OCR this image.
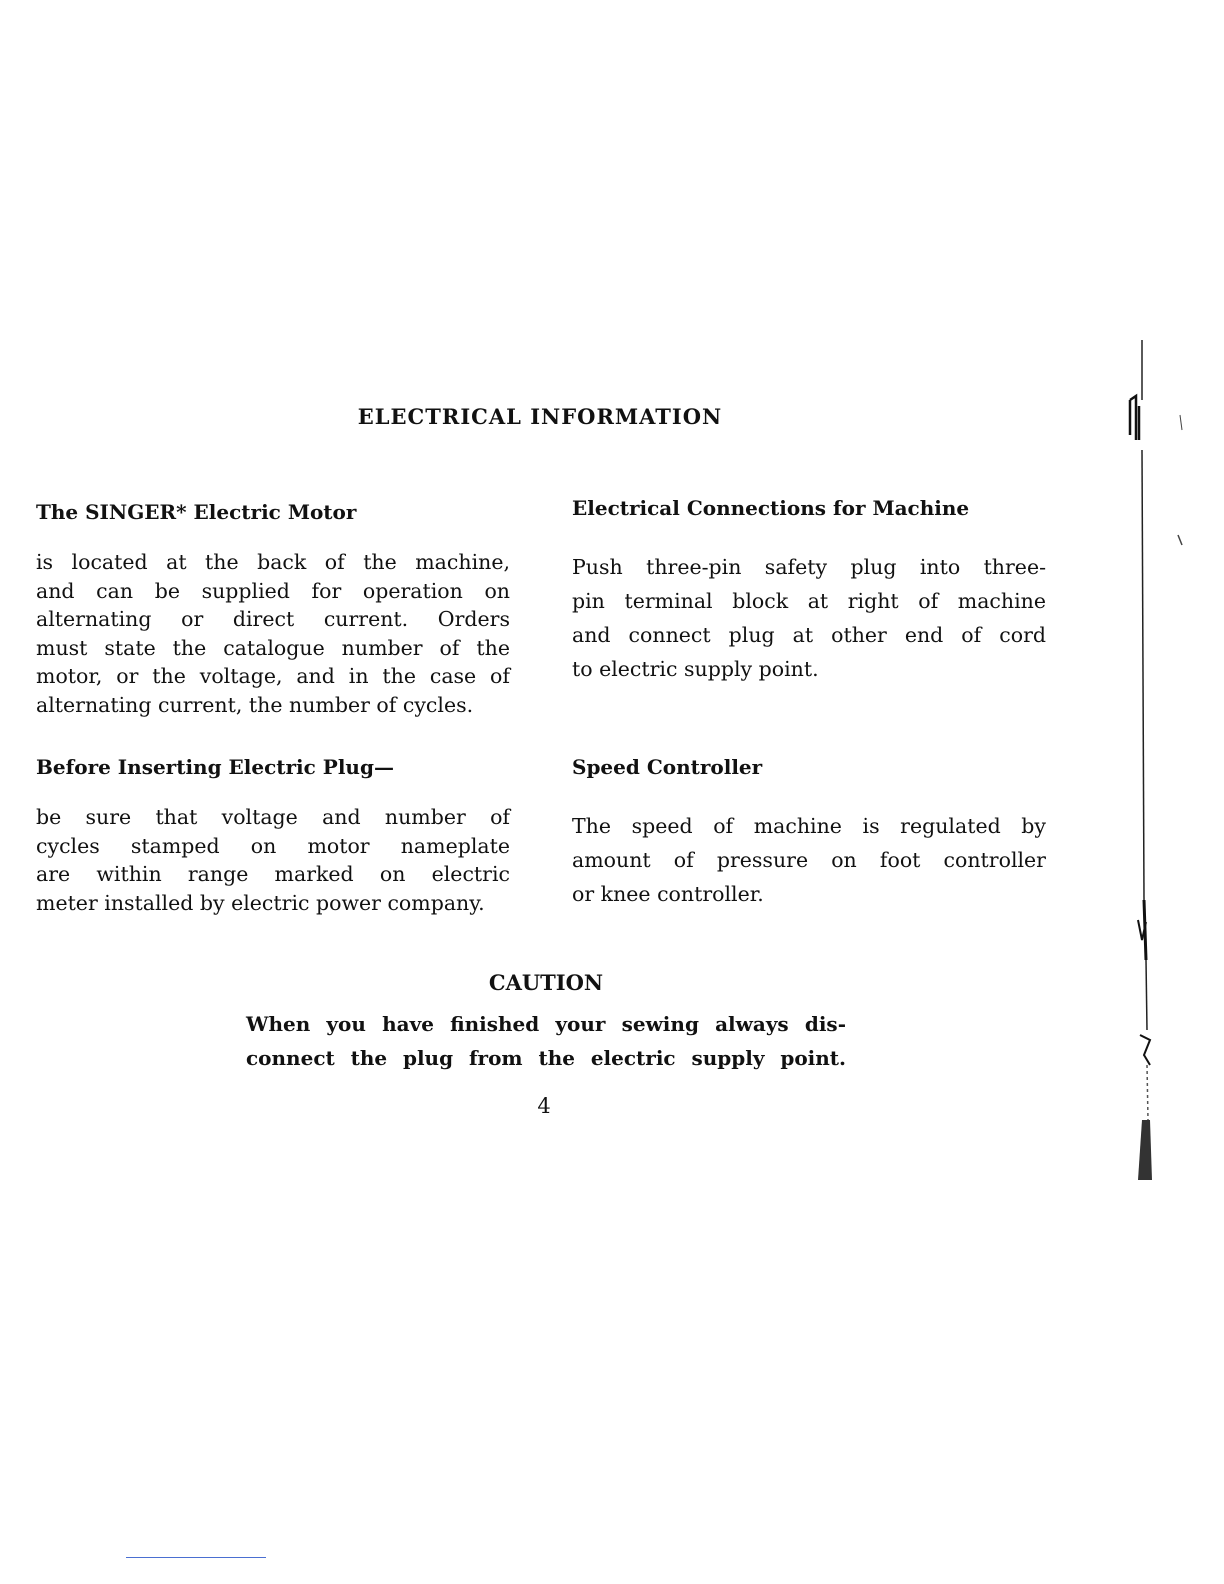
ELECTRICAL INFORMATION
The SINGER* Electric Motor

is located at the back of the machine,
and can be supplied for operation on
alternating or direct current. Orders
must state the catalogue number of the
motor, or the voltage, and in the case of
alternating current, the number of cycles.

Electrical Connections for Machine

Push three-pin safety plug into three-
pin terminal block at right of machine
and connect plug at other end of cord
to electric supply point.

Before Inserting Electric Plug—

be sure that voltage and number of
cycles stamped on motor nameplate
are within range marked on electric
meter installed by electric power company.

Speed Controller

The speed of machine is regulated by
amount of pressure on foot controller
or knee controller.

CAUTION
When you have finished your sewing always dis-
connect the plug from the electric supply point.
4
